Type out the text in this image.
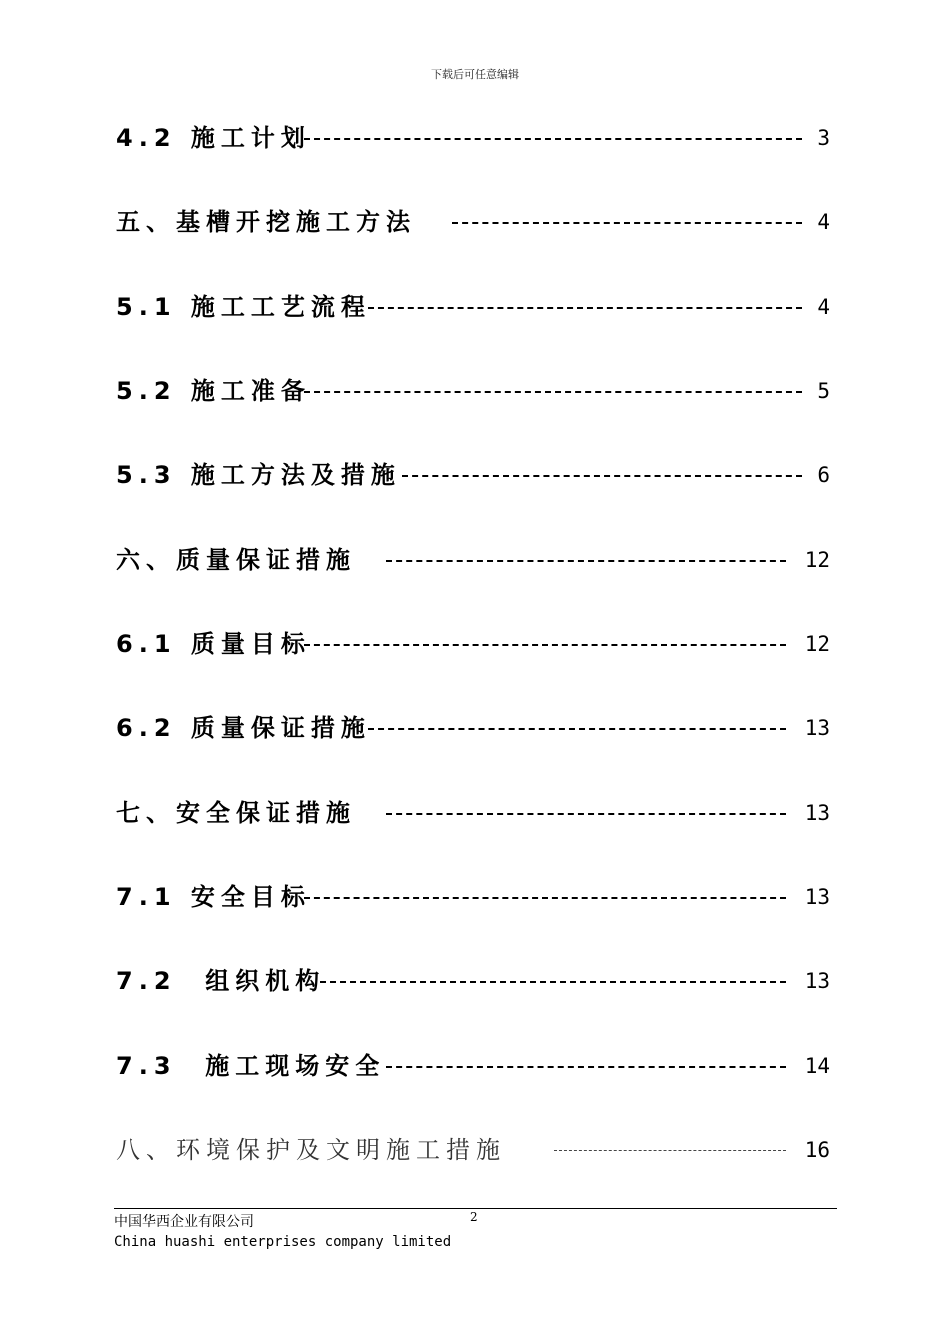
下载后可任意编辑
4.2 施工计划	3
五、基槽开挖施工方法	4
5.1 施工工艺流程	4
5.2 施工准备	5
5.3 施工方法及措施	6
六、质量保证措施	12
6.1 质量目标	12
6.2 质量保证措施	13
七、安全保证措施	13
7.1 安全目标	13
7.2  组织机构	13
7.3  施工现场安全	14
八、环境保护及文明施工措施	16
中国华西企业有限公司
China huashi enterprises company limited
2
